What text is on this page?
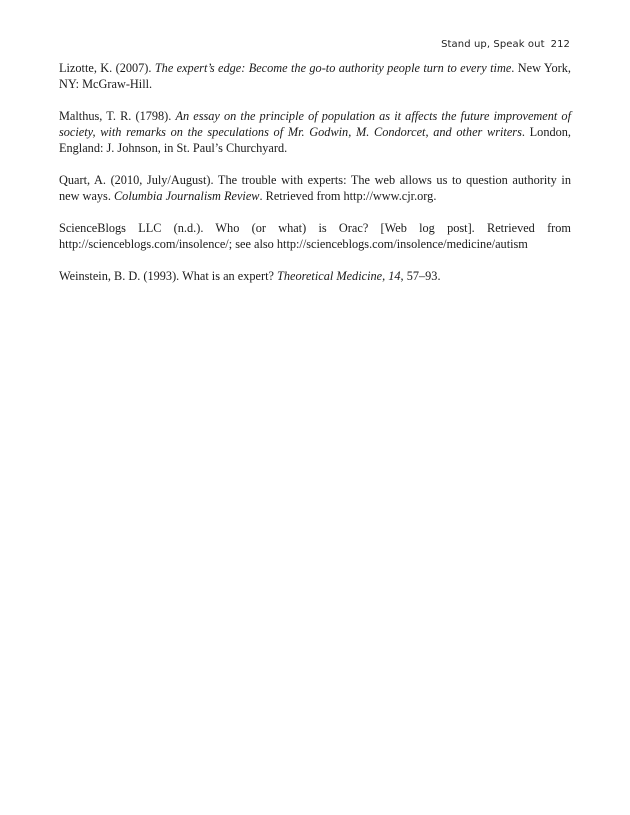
Stand up, Speak out 212

Lizotte, K. (2007). The expert’s edge: Become the go-to authority people turn to every time. New York, NY: McGraw-Hill.

Malthus, T. R. (1798). An essay on the principle of population as it affects the future improvement of society, with remarks on the speculations of Mr. Godwin, M. Condorcet, and other writers. London, England: J. Johnson, in St. Paul’s Churchyard.

Quart, A. (2010, July/August). The trouble with experts: The web allows us to question authority in new ways. Columbia Journalism Review. Retrieved from http://www.cjr.org.

ScienceBlogs LLC (n.d.). Who (or what) is Orac? [Web log post]. Retrieved from http://scienceblogs.com/insolence/; see also http://scienceblogs.com/insolence/medicine/autism

Weinstein, B. D. (1993). What is an expert? Theoretical Medicine, 14, 57–93.
